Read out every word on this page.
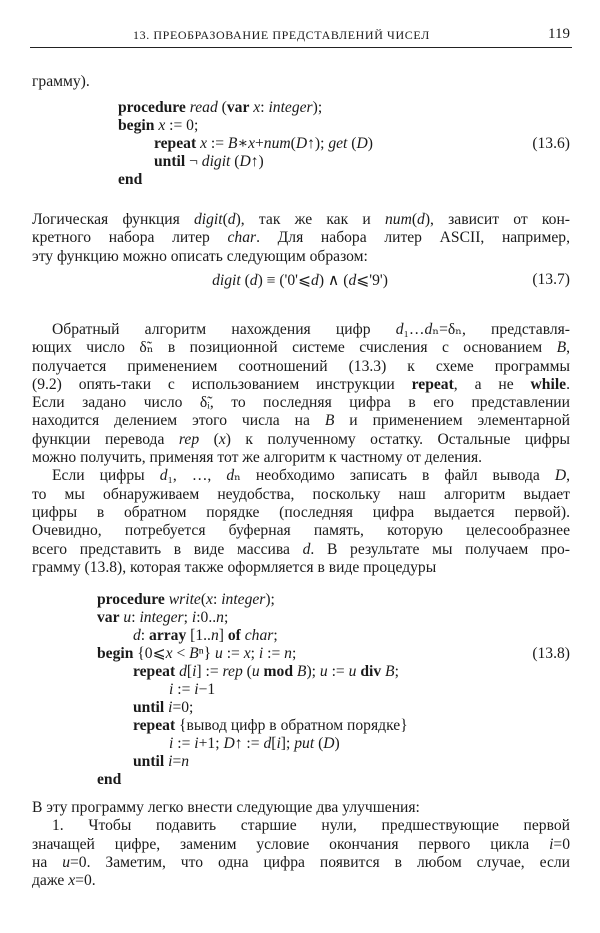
13. ПРЕОБРАЗОВАНИЕ ПРЕДСТАВЛЕНИЙ ЧИСЕЛ	119
грамму).
procedure read (var x: integer);
begin x := 0;
repeat x := B∗x+num(D↑); get (D)
until ¬ digit (D↑)
end
(13.6)
Логическая функция digit(d), так же как и num(d), зависит от кон-
кретного набора литер char. Для набора литер ASCII, например,
эту функцию можно описать следующим образом:
digit (d) ≡ ('0'⩽d) ∧ (d⩽'9')	(13.7)
Обратный алгоритм нахождения цифр d₁…dₙ=δₙ, представля-
ющих число δ̃ₙ в позиционной системе счисления с основанием B,
получается применением соотношений (13.3) к схеме программы
(9.2) опять-таки с использованием инструкции repeat, а не while.
Если задано число δ̃ᵢ, то последняя цифра в его представлении
находится делением этого числа на B и применением элементарной
функции перевода rep (x) к полученному остатку. Остальные цифры
можно получить, применяя тот же алгоритм к частному от деления.
Если цифры d₁, …, dₙ необходимо записать в файл вывода D,
то мы обнаруживаем неудобства, поскольку наш алгоритм выдает
цифры в обратном порядке (последняя цифра выдается первой).
Очевидно, потребуется буферная память, которую целесообразнее
всего представить в виде массива d. В результате мы получаем про-
грамму (13.8), которая также оформляется в виде процедуры
procedure write(x: integer);
var u: integer; i:0..n;
d: array [1..n] of char;
begin {0⩽x < Bⁿ} u := x; i := n;
repeat d[i] := rep (u mod B); u := u div B;
i := i−1
until i=0;
repeat {вывод цифр в обратном порядке}
i := i+1; D↑ := d[i]; put (D)
until i=n
end
(13.8)
В эту программу легко внести следующие два улучшения:
1. Чтобы подавить старшие нули, предшествующие первой
значащей цифре, заменим условие окончания первого цикла i=0
на u=0. Заметим, что одна цифра появится в любом случае, если
даже x=0.
